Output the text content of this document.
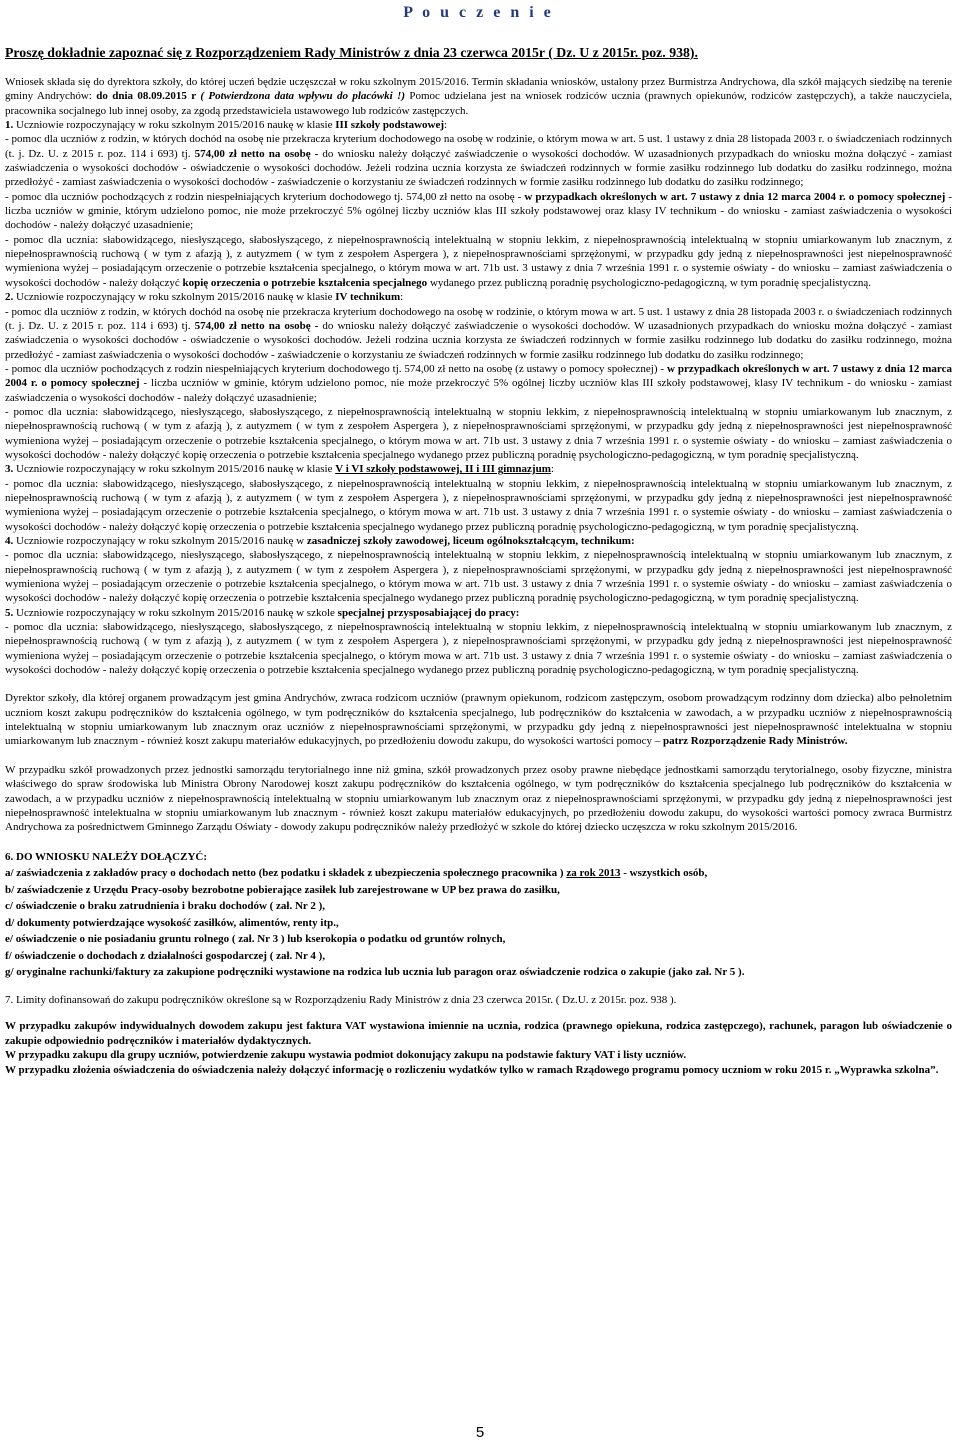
P o u c z e n i e
Proszę dokładnie zapoznać się z Rozporządzeniem Rady Ministrów z dnia 23 czerwca 2015r ( Dz. U z 2015r. poz. 938).

Wniosek składa się do dyrektora szkoły, do której uczeń będzie uczęszczał w roku szkolnym 2015/2016. Termin składania wniosków, ustalony przez Burmistrza Andrychowa, dla szkół mających siedzibę na terenie gminy Andrychów: do dnia 08.09.2015 r ( Potwierdzona data wpływu do placówki !) Pomoc udzielana jest na wniosek rodziców ucznia (prawnych opiekunów, rodziców zastępczych), a także nauczyciela, pracownika socjalnego lub innej osoby, za zgodą przedstawiciela ustawowego lub rodziców zastępczych.

1. Uczniowie rozpoczynający w roku szkolnym 2015/2016 naukę w klasie III szkoły podstawowej:

- pomoc dla uczniów z rodzin, w których dochód na osobę nie przekracza kryterium dochodowego na osobę w rodzinie, o którym mowa w art. 5 ust. 1 ustawy z dnia 28 listopada 2003 r. o świadczeniach rodzinnych (t. j. Dz. U. z 2015 r. poz. 114 i 693) tj. 574,00 zł netto na osobę - do wniosku należy dołączyć zaświadczenie o wysokości dochodów. W uzasadnionych przypadkach do wniosku można dołączyć - zamiast zaświadczenia o wysokości dochodów - oświadczenie o wysokości dochodów. Jeżeli rodzina ucznia korzysta ze świadczeń rodzinnych w formie zasiłku rodzinnego lub dodatku do zasiłku rodzinnego, można przedłożyć - zamiast zaświadczenia o wysokości dochodów - zaświadczenie o korzystaniu ze świadczeń rodzinnych w formie zasiłku rodzinnego lub dodatku do zasiłku rodzinnego;

- pomoc dla uczniów pochodzących z rodzin niespełniających kryterium dochodowego tj. 574,00 zł netto na osobę - w przypadkach określonych w art. 7 ustawy z dnia 12 marca 2004 r. o pomocy społecznej - liczba uczniów w gminie, którym udzielono pomoc, nie może przekroczyć 5% ogólnej liczby uczniów klas III szkoły podstawowej oraz klasy IV technikum - do wniosku - zamiast zaświadczenia o wysokości dochodów - należy dołączyć uzasadnienie;

- pomoc dla ucznia: słabowidzącego, niesłyszącego, słabosłyszącego, z niepełnosprawnością intelektualną w stopniu lekkim, z niepełnosprawnością intelektualną w stopniu umiarkowanym lub znacznym, z niepełnosprawnością ruchową ( w tym z afazją ), z autyzmem ( w tym z zespołem Aspergera ), z niepełnosprawnościami sprzężonymi, w przypadku gdy jedną z niepełnosprawności jest niepełnosprawność wymieniona wyżej – posiadającym orzeczenie o potrzebie kształcenia specjalnego, o którym mowa w art. 71b ust. 3 ustawy z dnia 7 września 1991 r. o systemie oświaty - do wniosku – zamiast zaświadczenia o wysokości dochodów - należy dołączyć kopię orzeczenia o potrzebie kształcenia specjalnego wydanego przez publiczną poradnię psychologiczno-pedagogiczną, w tym poradnię specjalistyczną.

2. Uczniowie rozpoczynający w roku szkolnym 2015/2016 naukę w klasie IV technikum:

- pomoc dla uczniów z rodzin, w których dochód na osobę nie przekracza kryterium dochodowego na osobę w rodzinie, o którym mowa w art. 5 ust. 1 ustawy z dnia 28 listopada 2003 r. o świadczeniach rodzinnych (t. j. Dz. U. z 2015 r. poz. 114 i 693) tj. 574,00 zł netto na osobę - do wniosku należy dołączyć zaświadczenie o wysokości dochodów. W uzasadnionych przypadkach do wniosku można dołączyć - zamiast zaświadczenia o wysokości dochodów - oświadczenie o wysokości dochodów. Jeżeli rodzina ucznia korzysta ze świadczeń rodzinnych w formie zasiłku rodzinnego lub dodatku do zasiłku rodzinnego, można przedłożyć - zamiast zaświadczenia o wysokości dochodów - zaświadczenie o korzystaniu ze świadczeń rodzinnych w formie zasiłku rodzinnego lub dodatku do zasiłku rodzinnego;

- pomoc dla uczniów pochodzących z rodzin niespełniających kryterium dochodowego tj. 574,00 zł netto na osobę (z ustawy o pomocy społecznej) - w przypadkach określonych w art. 7 ustawy z dnia 12 marca 2004 r. o pomocy społecznej - liczba uczniów w gminie, którym udzielono pomoc, nie może przekroczyć 5% ogólnej liczby uczniów klas III szkoły podstawowej, klasy IV technikum - do wniosku - zamiast zaświadczenia o wysokości dochodów - należy dołączyć uzasadnienie;

- pomoc dla ucznia: słabowidzącego, niesłyszącego, słabosłyszącego, z niepełnosprawnością intelektualną w stopniu lekkim, z niepełnosprawnością intelektualną w stopniu umiarkowanym lub znacznym, z niepełnosprawnością ruchową ( w tym z afazją ), z autyzmem ( w tym z zespołem Aspergera ), z niepełnosprawnościami sprzężonymi, w przypadku gdy jedną z niepełnosprawności jest niepełnosprawność wymieniona wyżej – posiadającym orzeczenie o potrzebie kształcenia specjalnego, o którym mowa w art. 71b ust. 3 ustawy z dnia 7 września 1991 r. o systemie oświaty - do wniosku – zamiast zaświadczenia o wysokości dochodów - należy dołączyć kopię orzeczenia o potrzebie kształcenia specjalnego wydanego przez publiczną poradnię psychologiczno-pedagogiczną, w tym poradnię specjalistyczną.

3. Uczniowie rozpoczynający w roku szkolnym 2015/2016 naukę w klasie V i VI szkoły podstawowej, II i III gimnazjum:

- pomoc dla ucznia: słabowidzącego, niesłyszącego, słabosłyszącego, z niepełnosprawnością intelektualną w stopniu lekkim, z niepełnosprawnością intelektualną w stopniu umiarkowanym lub znacznym, z niepełnosprawnością ruchową ( w tym z afazją ), z autyzmem ( w tym z zespołem Aspergera ), z niepełnosprawnościami sprzężonymi, w przypadku gdy jedną z niepełnosprawności jest niepełnosprawność wymieniona wyżej – posiadającym orzeczenie o potrzebie kształcenia specjalnego, o którym mowa w art. 71b ust. 3 ustawy z dnia 7 września 1991 r. o systemie oświaty - do wniosku – zamiast zaświadczenia o wysokości dochodów - należy dołączyć kopię orzeczenia o potrzebie kształcenia specjalnego wydanego przez publiczną poradnię psychologiczno-pedagogiczną, w tym poradnię specjalistyczną.

4. Uczniowie rozpoczynający w roku szkolnym 2015/2016 naukę w zasadniczej szkoły zawodowej, liceum ogólnokształcącym, technikum:

- pomoc dla ucznia: słabowidzącego, niesłyszącego, słabosłyszącego, z niepełnosprawnością intelektualną w stopniu lekkim, z niepełnosprawnością intelektualną w stopniu umiarkowanym lub znacznym, z niepełnosprawnością ruchową ( w tym z afazją ), z autyzmem ( w tym z zespołem Aspergera ), z niepełnosprawnościami sprzężonymi, w przypadku gdy jedną z niepełnosprawności jest niepełnosprawność wymieniona wyżej – posiadającym orzeczenie o potrzebie kształcenia specjalnego, o którym mowa w art. 71b ust. 3 ustawy z dnia 7 września 1991 r. o systemie oświaty - do wniosku – zamiast zaświadczenia o wysokości dochodów - należy dołączyć kopię orzeczenia o potrzebie kształcenia specjalnego wydanego przez publiczną poradnię psychologiczno-pedagogiczną, w tym poradnię specjalistyczną.

5. Uczniowie rozpoczynający w roku szkolnym 2015/2016 naukę w szkole specjalnej przysposabiającej do pracy:

- pomoc dla ucznia: słabowidzącego, niesłyszącego, słabosłyszącego, z niepełnosprawnością intelektualną w stopniu lekkim, z niepełnosprawnością intelektualną w stopniu umiarkowanym lub znacznym, z niepełnosprawnością ruchową ( w tym z afazją ), z autyzmem ( w tym z zespołem Aspergera ), z niepełnosprawnościami sprzężonymi, w przypadku gdy jedną z niepełnosprawności jest niepełnosprawność wymieniona wyżej – posiadającym orzeczenie o potrzebie kształcenia specjalnego, o którym mowa w art. 71b ust. 3 ustawy z dnia 7 września 1991 r. o systemie oświaty - do wniosku – zamiast zaświadczenia o wysokości dochodów - należy dołączyć kopię orzeczenia o potrzebie kształcenia specjalnego wydanego przez publiczną poradnię psychologiczno-pedagogiczną, w tym poradnię specjalistyczną.

Dyrektor szkoły, dla której organem prowadzącym jest gmina Andrychów, zwraca rodzicom uczniów (prawnym opiekunom, rodzicom zastępczym, osobom prowadzącym rodzinny dom dziecka) albo pełnoletnim uczniom koszt zakupu podręczników do kształcenia ogólnego, w tym podręczników do kształcenia specjalnego, lub podręczników do kształcenia w zawodach, a w przypadku uczniów z niepełnosprawnością intelektualną w stopniu umiarkowanym lub znacznym oraz uczniów z niepełnosprawnościami sprzężonymi, w przypadku gdy jedną z niepełnosprawności jest niepełnosprawność intelektualna w stopniu umiarkowanym lub znacznym - również koszt zakupu materiałów edukacyjnych, po przedłożeniu dowodu zakupu, do wysokości wartości pomocy – patrz Rozporządzenie Rady Ministrów.

W przypadku szkół prowadzonych przez jednostki samorządu terytorialnego inne niż gmina, szkół prowadzonych przez osoby prawne niebędące jednostkami samorządu terytorialnego, osoby fizyczne, ministra właściwego do spraw środowiska lub Ministra Obrony Narodowej koszt zakupu podręczników do kształcenia ogólnego, w tym podręczników do kształcenia specjalnego lub podręczników do kształcenia w zawodach, a w przypadku uczniów z niepełnosprawnością intelektualną w stopniu umiarkowanym lub znacznym oraz z niepełnosprawnościami sprzężonymi, w przypadku gdy jedną z niepełnosprawności jest niepełnosprawność intelektualna w stopniu umiarkowanym lub znacznym - również koszt zakupu materiałów edukacyjnych, po przedłożeniu dowodu zakupu, do wysokości wartości pomocy zwraca Burmistrz Andrychowa za pośrednictwem Gminnego Zarządu Oświaty - dowody zakupu podręczników należy przedłożyć w szkole do której dziecko uczęszcza w roku szkolnym 2015/2016.

6. DO WNIOSKU NALEŻY DOŁĄCZYĆ:

a/ zaświadczenia z zakładów pracy o dochodach netto (bez podatku i składek z ubezpieczenia społecznego pracownika ) za rok 2013 - wszystkich osób,

b/ zaświadczenie z Urzędu Pracy-osoby bezrobotne pobierające zasiłek lub zarejestrowane w UP bez prawa do zasiłku,

c/ oświadczenie o braku zatrudnienia i braku dochodów ( zał. Nr 2 ),

d/ dokumenty potwierdzające wysokość zasiłków, alimentów, renty itp.,

e/ oświadczenie o nie posiadaniu gruntu rolnego ( zał. Nr 3 ) lub kserokopia o podatku od gruntów rolnych,

f/ oświadczenie o dochodach z działalności gospodarczej ( zał. Nr 4 ),

g/ oryginalne rachunki/faktury za zakupione podręczniki wystawione na rodzica lub ucznia lub paragon oraz oświadczenie rodzica o zakupie (jako zał. Nr 5 ).

7. Limity dofinansowań do zakupu podręczników określone są w Rozporządzeniu Rady Ministrów z dnia 23 czerwca 2015r. ( Dz.U. z 2015r. poz. 938 ).

W przypadku zakupów indywidualnych dowodem zakupu jest faktura VAT wystawiona imiennie na ucznia, rodzica (prawnego opiekuna, rodzica zastępczego), rachunek, paragon lub oświadczenie o zakupie odpowiednio podręczników i materiałów dydaktycznych.

W przypadku zakupu dla grupy uczniów, potwierdzenie zakupu wystawia podmiot dokonujący zakupu na podstawie faktury VAT i listy uczniów.

W przypadku złożenia oświadczenia do oświadczenia należy dołączyć informację o rozliczeniu wydatków tylko w ramach Rządowego programu pomocy uczniom w roku 2015 r. „Wyprawka szkolna”.

5
